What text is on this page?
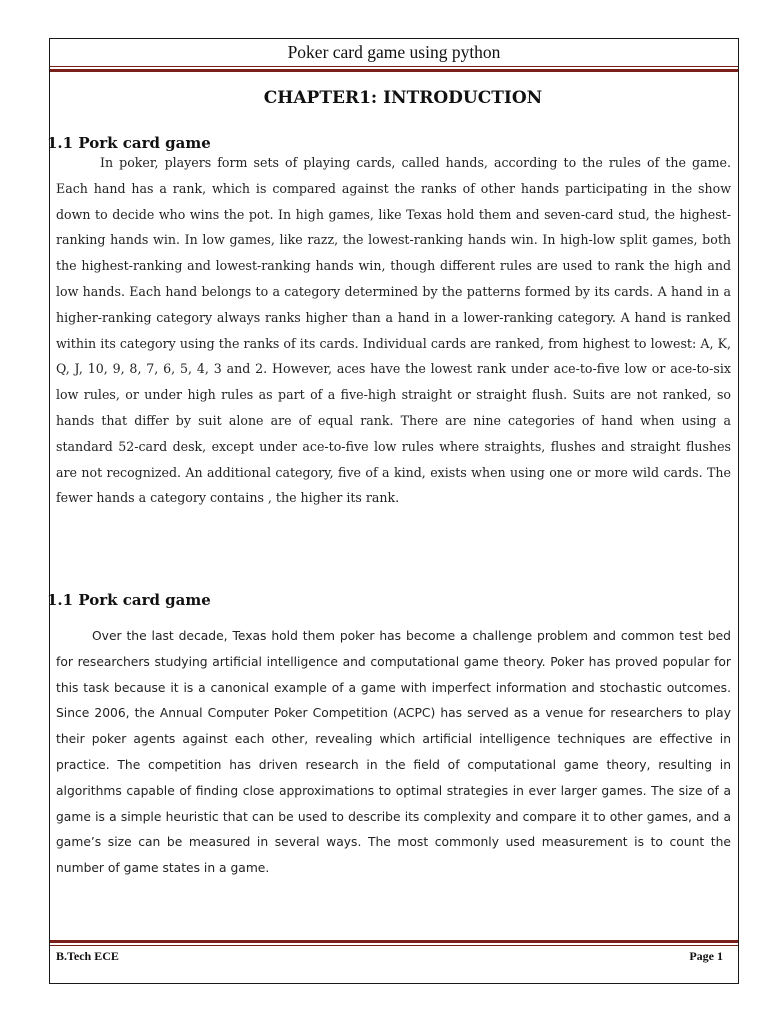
Poker card game using python
CHAPTER1: INTRODUCTION
1.1 Pork card game

In poker, players form sets of playing cards, called hands, according to the rules of the game. Each hand has a rank, which is compared against the ranks of other hands participating in the show down to decide who wins the pot. In high games, like Texas hold them and seven-card stud, the highest-ranking hands win. In low games, like razz, the lowest-ranking hands win. In high-low split games, both the highest-ranking and lowest-ranking hands win, though different rules are used to rank the high and low hands. Each hand belongs to a category determined by the patterns formed by its cards. A hand in a higher-ranking category always ranks higher than a hand in a lower-ranking category. A hand is ranked within its category using the ranks of its cards. Individual cards are ranked, from highest to lowest: A, K, Q, J, 10, 9, 8, 7, 6, 5, 4, 3 and 2. However, aces have the lowest rank under ace-to-five low or ace-to-six low rules, or under high rules as part of a five-high straight or straight flush. Suits are not ranked, so hands that differ by suit alone are of equal rank. There are nine categories of hand when using a standard 52-card desk, except under ace-to-five low rules where straights, flushes and straight flushes are not recognized. An additional category, five of a kind, exists when using one or more wild cards. The fewer hands a category contains , the higher its rank.

1.1 Pork card game

Over the last decade, Texas hold them poker has become a challenge problem and common test bed for researchers studying artificial intelligence and computational game theory. Poker has proved popular for this task because it is a canonical example of a game with imperfect information and stochastic outcomes. Since 2006, the Annual Computer Poker Competition (ACPC) has served as a venue for researchers to play their poker agents against each other, revealing which artificial intelligence techniques are effective in practice. The competition has driven research in the field of computational game theory, resulting in algorithms capable of finding close approximations to optimal strategies in ever larger games. The size of a game is a simple heuristic that can be used to describe its complexity and compare it to other games, and a game’s size can be measured in several ways. The most commonly used measurement is to count the number of game states in a game.

B.Tech ECE	Page 1
